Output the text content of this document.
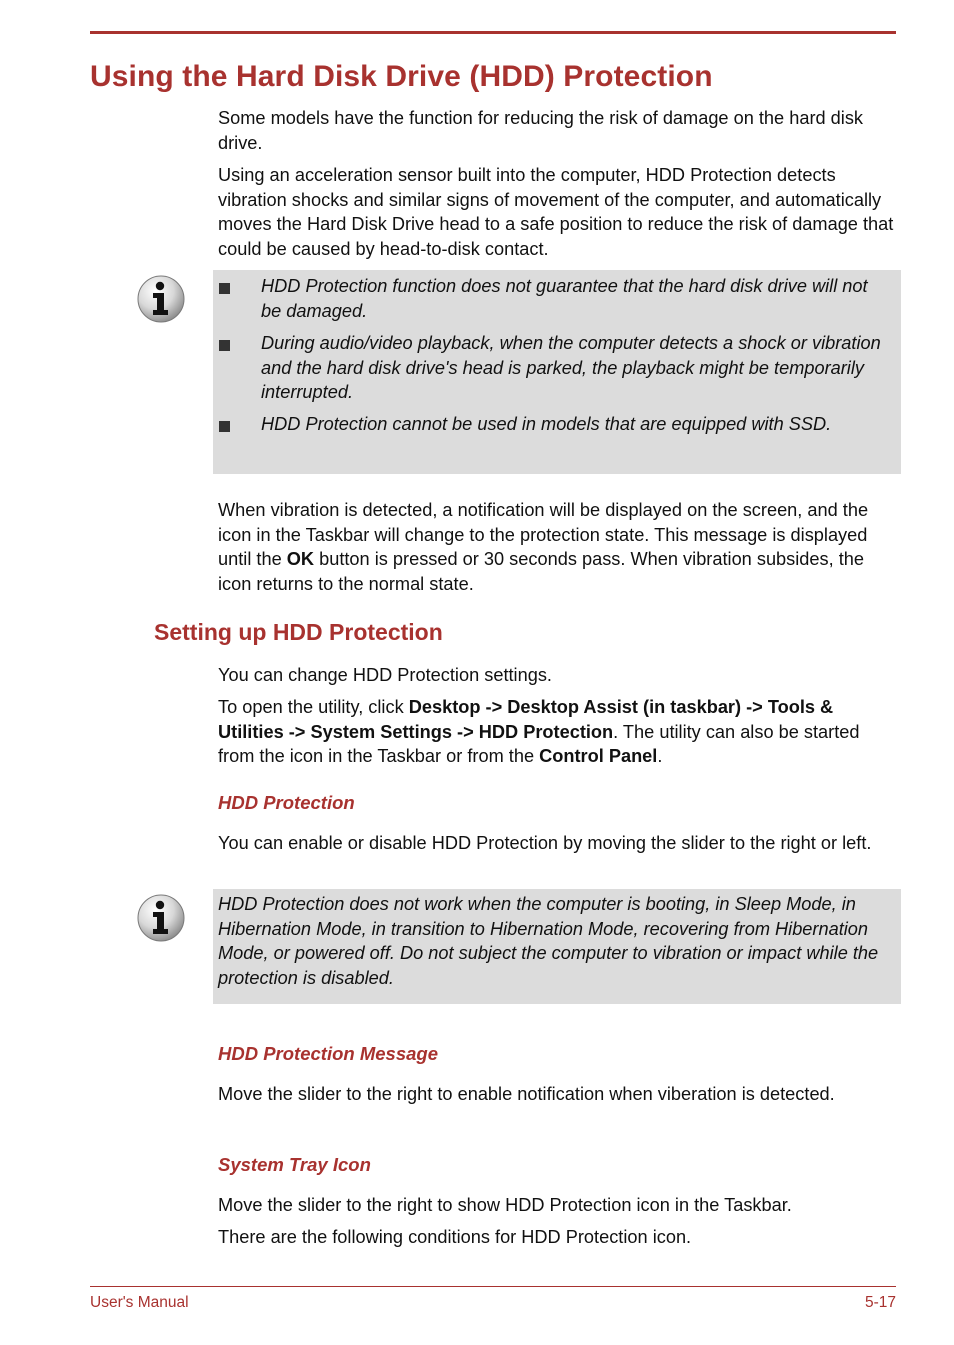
Using the Hard Disk Drive (HDD) Protection

Some models have the function for reducing the risk of damage on the hard disk drive.

Using an acceleration sensor built into the computer, HDD Protection detects vibration shocks and similar signs of movement of the computer, and automatically moves the Hard Disk Drive head to a safe position to reduce the risk of damage that could be caused by head-to-disk contact.

HDD Protection function does not guarantee that the hard disk drive will not be damaged.

During audio/video playback, when the computer detects a shock or vibration and the hard disk drive's head is parked, the playback might be temporarily interrupted.

HDD Protection cannot be used in models that are equipped with SSD.

When vibration is detected, a notification will be displayed on the screen, and the icon in the Taskbar will change to the protection state. This message is displayed until the OK button is pressed or 30 seconds pass. When vibration subsides, the icon returns to the normal state.

Setting up HDD Protection

You can change HDD Protection settings.

To open the utility, click Desktop -> Desktop Assist (in taskbar) -> Tools & Utilities -> System Settings -> HDD Protection. The utility can also be started from the icon in the Taskbar or from the Control Panel.

HDD Protection

You can enable or disable HDD Protection by moving the slider to the right or left.

HDD Protection does not work when the computer is booting, in Sleep Mode, in Hibernation Mode, in transition to Hibernation Mode, recovering from Hibernation Mode, or powered off. Do not subject the computer to vibration or impact while the protection is disabled.

HDD Protection Message

Move the slider to the right to enable notification when viberation is detected.

System Tray Icon

Move the slider to the right to show HDD Protection icon in the Taskbar.

There are the following conditions for HDD Protection icon.

User's Manual	5-17
